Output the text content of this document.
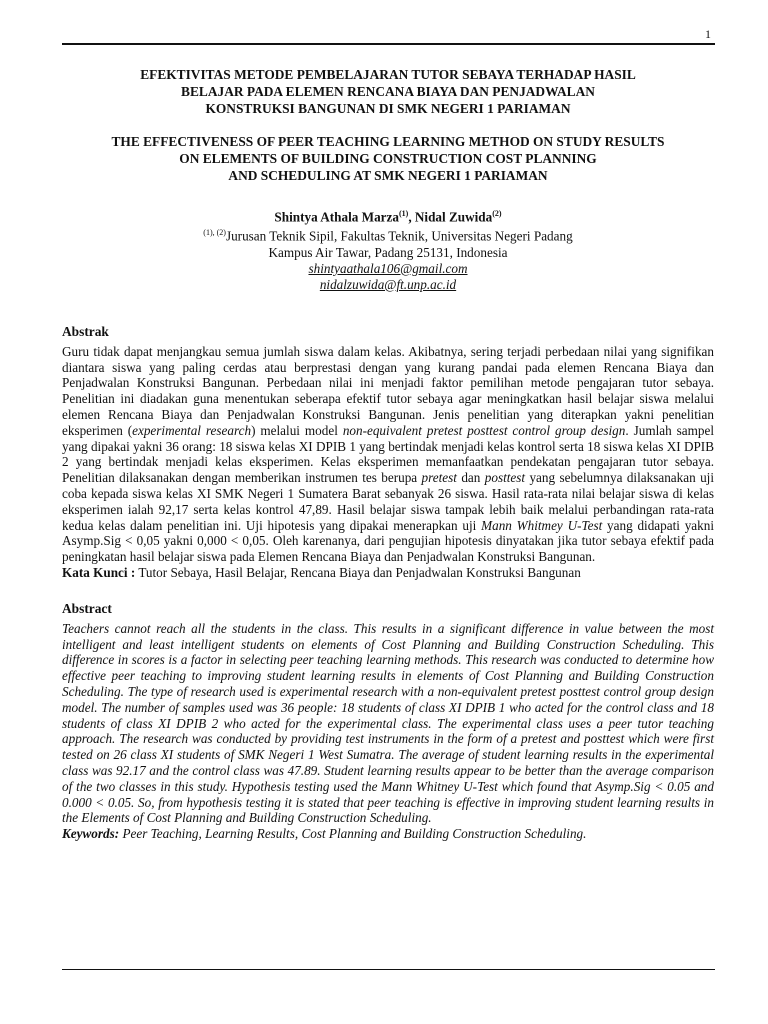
1
EFEKTIVITAS METODE PEMBELAJARAN TUTOR SEBAYA TERHADAP HASIL
BELAJAR PADA ELEMEN RENCANA BIAYA DAN PENJADWALAN
KONSTRUKSI BANGUNAN DI SMK NEGERI 1 PARIAMAN
THE EFFECTIVENESS OF PEER TEACHING LEARNING METHOD ON STUDY RESULTS
ON ELEMENTS OF BUILDING CONSTRUCTION COST PLANNING
AND SCHEDULING AT SMK NEGERI 1 PARIAMAN
Shintya Athala Marza$^{(1)}$, Nidal Zuwida$^{(2)}$
$^{(1), (2)}$Jurusan Teknik Sipil, Fakultas Teknik, Universitas Negeri Padang
Kampus Air Tawar, Padang 25131, Indonesia
shintyaathala106@gmail.com
nidalzuwida@ft.unp.ac.id
Abstrak

Guru tidak dapat menjangkau semua jumlah siswa dalam kelas. Akibatnya, sering terjadi perbedaan nilai yang signifikan diantara siswa yang paling cerdas atau berprestasi dengan yang kurang pandai pada elemen Rencana Biaya dan Penjadwalan Konstruksi Bangunan. Perbedaan nilai ini menjadi faktor pemilihan metode pengajaran tutor sebaya. Penelitian ini diadakan guna menentukan seberapa efektif tutor sebaya agar meningkatkan hasil belajar siswa melalui elemen Rencana Biaya dan Penjadwalan Konstruksi Bangunan. Jenis penelitian yang diterapkan yakni penelitian eksperimen (experimental research) melalui model non-equivalent pretest posttest control group design. Jumlah sampel yang dipakai yakni 36 orang: 18 siswa kelas XI DPIB 1 yang bertindak menjadi kelas kontrol serta 18 siswa kelas XI DPIB 2 yang bertindak menjadi kelas eksperimen. Kelas eksperimen memanfaatkan pendekatan pengajaran tutor sebaya. Penelitian dilaksanakan dengan memberikan instrumen tes berupa pretest dan posttest yang sebelumnya dilaksanakan uji coba kepada siswa kelas XI SMK Negeri 1 Sumatera Barat sebanyak 26 siswa. Hasil rata-rata nilai belajar siswa di kelas eksperimen ialah 92,17 serta kelas kontrol 47,89. Hasil belajar siswa tampak lebih baik melalui perbandingan rata-rata kedua kelas dalam penelitian ini. Uji hipotesis yang dipakai menerapkan uji Mann Whitmey U-Test yang didapati yakni Asymp.Sig < 0,05 yakni 0,000 < 0,05. Oleh karenanya, dari pengujian hipotesis dinyatakan jika tutor sebaya efektif pada peningkatan hasil belajar siswa pada Elemen Rencana Biaya dan Penjadwalan Konstruksi Bangunan.

Kata Kunci : Tutor Sebaya, Hasil Belajar, Rencana Biaya dan Penjadwalan Konstruksi Bangunan

Abstract

Teachers cannot reach all the students in the class. This results in a significant difference in value between the most intelligent and least intelligent students on elements of Cost Planning and Building Construction Scheduling. This difference in scores is a factor in selecting peer teaching learning methods. This research was conducted to determine how effective peer teaching to improving student learning results in elements of Cost Planning and Building Construction Scheduling. The type of research used is experimental research with a non-equivalent pretest posttest control group design model. The number of samples used was 36 people: 18 students of class XI DPIB 1 who acted for the control class and 18 students of class XI DPIB 2 who acted for the experimental class. The experimental class uses a peer tutor teaching approach. The research was conducted by providing test instruments in the form of a pretest and posttest which were first tested on 26 class XI students of SMK Negeri 1 West Sumatra. The average of student learning results in the experimental class was 92.17 and the control class was 47.89. Student learning results appear to be better than the average comparison of the two classes in this study. Hypothesis testing used the Mann Whitney U-Test which found that Asymp.Sig < 0.05 and 0.000 < 0.05. So, from hypothesis testing it is stated that peer teaching is effective in improving student learning results in the Elements of Cost Planning and Building Construction Scheduling.

Keywords: Peer Teaching, Learning Results, Cost Planning and Building Construction Scheduling.
